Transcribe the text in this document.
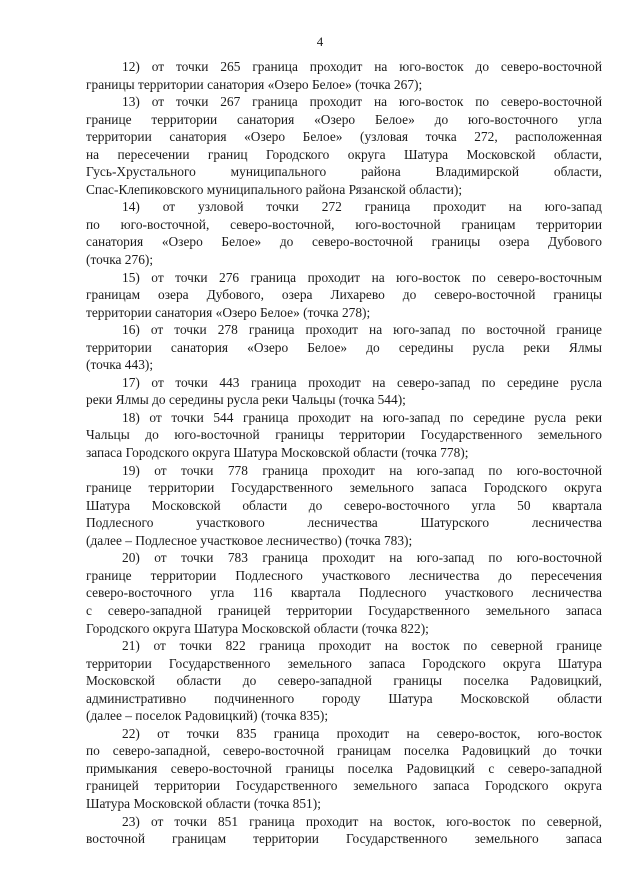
4
12) от точки 265 граница проходит на юго-восток до северо-восточной
границы территории санатория «Озеро Белое» (точка 267);
13) от точки 267 граница проходит на юго-восток по северо-восточной
границе территории санатория «Озеро Белое» до юго-восточного угла
территории санатория «Озеро Белое» (узловая точка 272, расположенная
на пересечении границ Городского округа Шатура Московской области,
Гусь-Хрустального муниципального района Владимирской области,
Спас-Клепиковского муниципального района Рязанской области);
14) от узловой точки 272 граница проходит на юго-запад
по юго-восточной, северо-восточной, юго-восточной границам территории
санатория «Озеро Белое» до северо-восточной границы озера Дубового
(точка 276);
15) от точки 276 граница проходит на юго-восток по северо-восточным
границам озера Дубового, озера Лихарево до северо-восточной границы
территории санатория «Озеро Белое» (точка 278);
16) от точки 278 граница проходит на юго-запад по восточной границе
территории санатория «Озеро Белое» до середины русла реки Ялмы
(точка 443);
17) от точки 443 граница проходит на северо-запад по середине русла
реки Ялмы до середины русла реки Чальцы (точка 544);
18) от точки 544 граница проходит на юго-запад по середине русла реки
Чальцы до юго-восточной границы территории Государственного земельного
запаса Городского округа Шатура Московской области (точка 778);
19) от точки 778 граница проходит на юго-запад по юго-восточной
границе территории Государственного земельного запаса Городского округа
Шатура Московской области до северо-восточного угла 50 квартала
Подлесного участкового лесничества Шатурского лесничества
(далее – Подлесное участковое лесничество) (точка 783);
20) от точки 783 граница проходит на юго-запад по юго-восточной
границе территории Подлесного участкового лесничества до пересечения
северо-восточного угла 116 квартала Подлесного участкового лесничества
с северо-западной границей территории Государственного земельного запаса
Городского округа Шатура Московской области (точка 822);
21) от точки 822 граница проходит на восток по северной границе
территории Государственного земельного запаса Городского округа Шатура
Московской области до северо-западной границы поселка Радовицкий,
административно подчиненного городу Шатура Московской области
(далее – поселок Радовицкий) (точка 835);
22) от точки 835 граница проходит на северо-восток, юго-восток
по северо-западной, северо-восточной границам поселка Радовицкий до точки
примыкания северо-восточной границы поселка Радовицкий с северо-западной
границей территории Государственного земельного запаса Городского округа
Шатура Московской области (точка 851);
23) от точки 851 граница проходит на восток, юго-восток по северной,
восточной границам территории Государственного земельного запаса
